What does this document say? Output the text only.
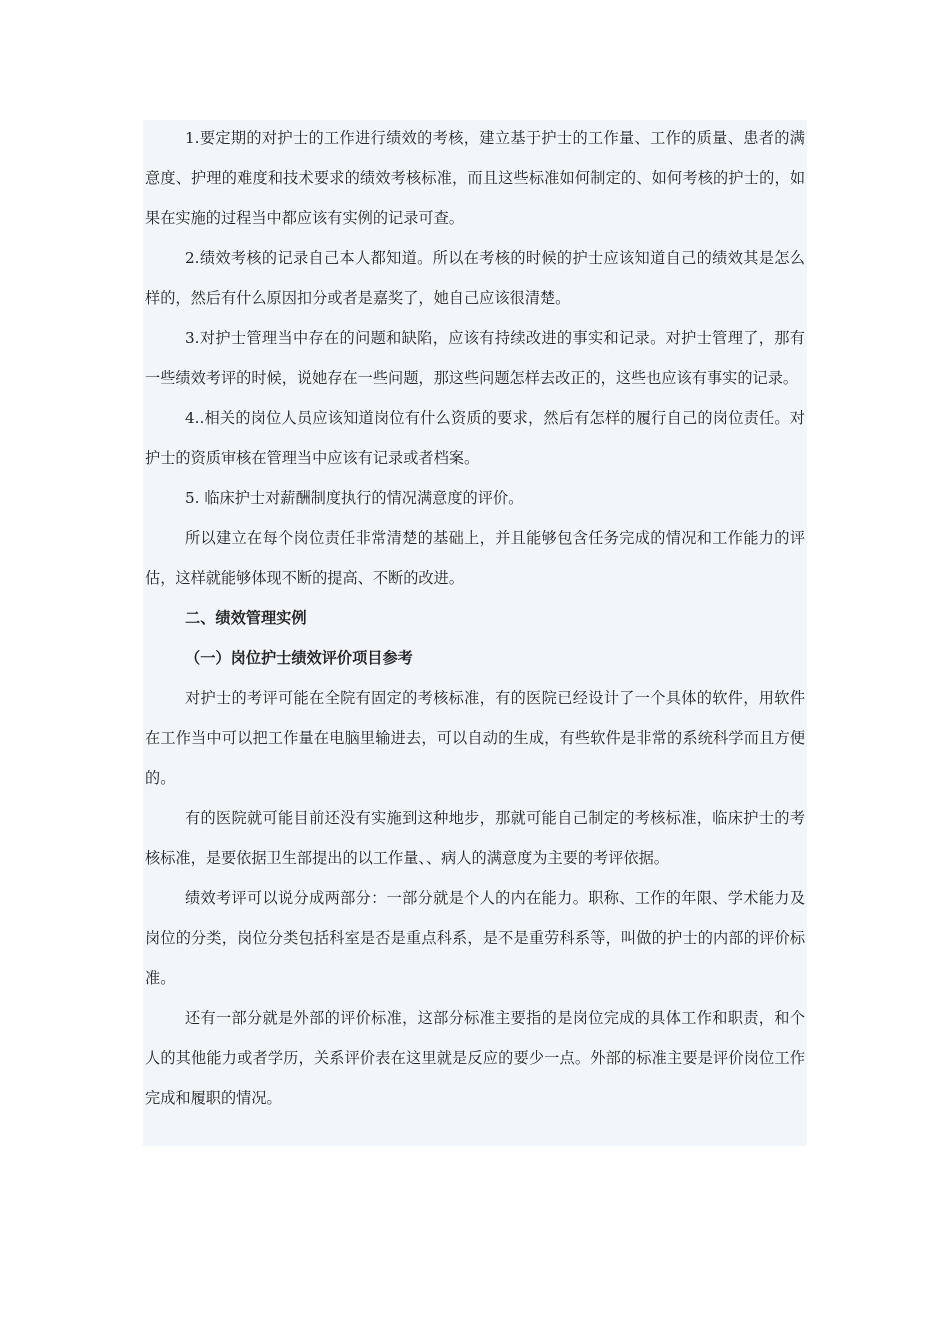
1.要定期的对护士的工作进行绩效的考核，建立基于护士的工作量、工作的质量、患者的满意度、护理的难度和技术要求的绩效考核标准，而且这些标准如何制定的、如何考核的护士的，如果在实施的过程当中都应该有实例的记录可查。

2.绩效考核的记录自己本人都知道。所以在考核的时候的护士应该知道自己的绩效其是怎么样的，然后有什么原因扣分或者是嘉奖了，她自己应该很清楚。

3.对护士管理当中存在的问题和缺陷，应该有持续改进的事实和记录。对护士管理了，那有一些绩效考评的时候，说她存在一些问题，那这些问题怎样去改正的，这些也应该有事实的记录。

4..相关的岗位人员应该知道岗位有什么资质的要求，然后有怎样的履行自己的岗位责任。对护士的资质审核在管理当中应该有记录或者档案。

5. 临床护士对薪酬制度执行的情况满意度的评价。

所以建立在每个岗位责任非常清楚的基础上，并且能够包含任务完成的情况和工作能力的评估，这样就能够体现不断的提高、不断的改进。

二、绩效管理实例

（一）岗位护士绩效评价项目参考

对护士的考评可能在全院有固定的考核标准，有的医院已经设计了一个具体的软件，用软件在工作当中可以把工作量在电脑里输进去，可以自动的生成，有些软件是非常的系统科学而且方便的。

有的医院就可能目前还没有实施到这种地步，那就可能自己制定的考核标准，临床护士的考核标准，是要依据卫生部提出的以工作量、、病人的满意度为主要的考评依据。

绩效考评可以说分成两部分：一部分就是个人的内在能力。职称、工作的年限、学术能力及岗位的分类，岗位分类包括科室是否是重点科系，是不是重劳科系等，叫做的护士的内部的评价标准。

还有一部分就是外部的评价标准，这部分标准主要指的是岗位完成的具体工作和职责，和个人的其他能力或者学历，关系评价表在这里就是反应的要少一点。外部的标准主要是评价岗位工作完成和履职的情况。
